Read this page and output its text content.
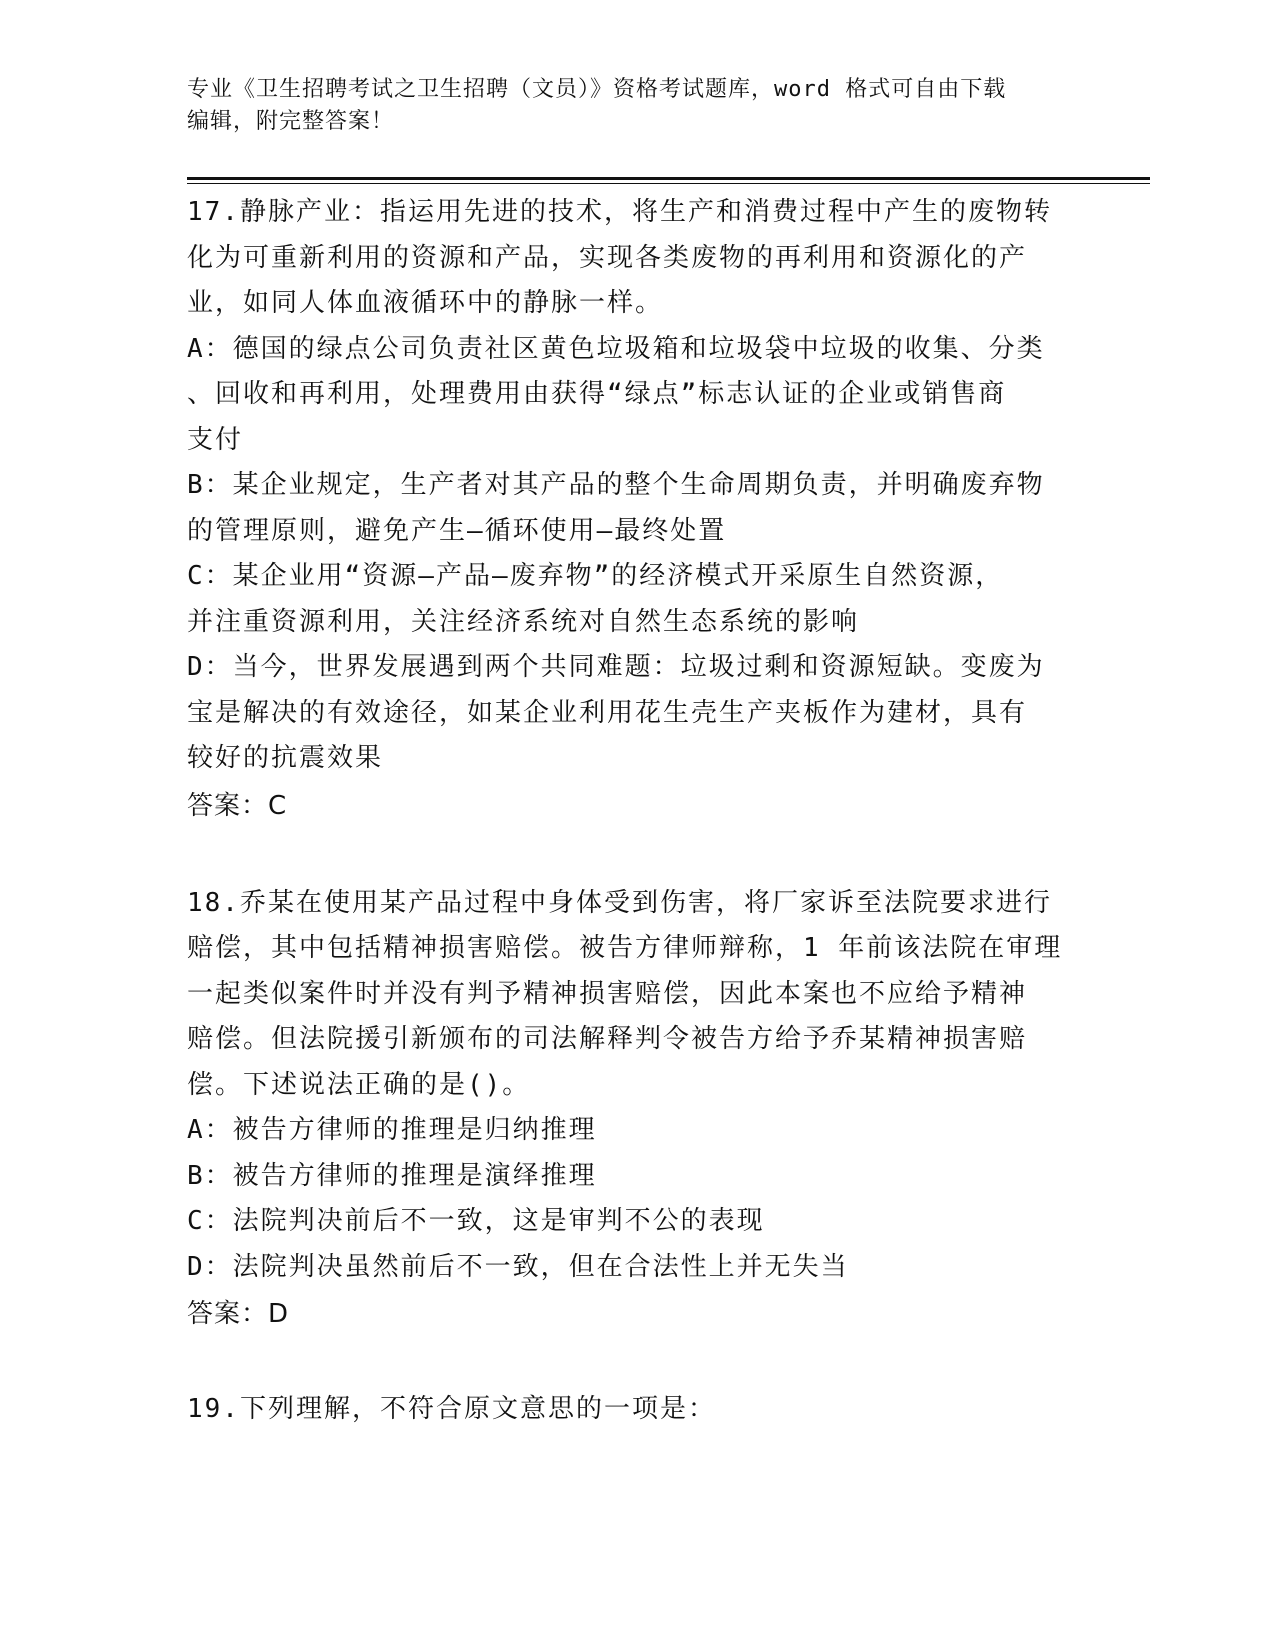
专业《卫生招聘考试之卫生招聘（文员）》资格考试题库，word 格式可自由下载
编辑，附完整答案！
17.静脉产业：指运用先进的技术，将生产和消费过程中产生的废物转
化为可重新利用的资源和产品，实现各类废物的再利用和资源化的产
业，如同人体血液循环中的静脉一样。
A：德国的绿点公司负责社区黄色垃圾箱和垃圾袋中垃圾的收集、分类
、回收和再利用，处理费用由获得“绿点”标志认证的企业或销售商
支付
B：某企业规定，生产者对其产品的整个生命周期负责，并明确废弃物
的管理原则，避免产生—循环使用—最终处置
C：某企业用“资源—产品—废弃物”的经济模式开采原生自然资源，
并注重资源利用，关注经济系统对自然生态系统的影响
D：当今，世界发展遇到两个共同难题：垃圾过剩和资源短缺。变废为
宝是解决的有效途径，如某企业利用花生壳生产夹板作为建材，具有
较好的抗震效果
答案：C
18.乔某在使用某产品过程中身体受到伤害，将厂家诉至法院要求进行
赔偿，其中包括精神损害赔偿。被告方律师辩称，1 年前该法院在审理
一起类似案件时并没有判予精神损害赔偿，因此本案也不应给予精神
赔偿。但法院援引新颁布的司法解释判令被告方给予乔某精神损害赔
偿。下述说法正确的是()。
A：被告方律师的推理是归纳推理
B：被告方律师的推理是演绎推理
C：法院判决前后不一致，这是审判不公的表现
D：法院判决虽然前后不一致，但在合法性上并无失当
答案：D
19.下列理解，不符合原文意思的一项是：
